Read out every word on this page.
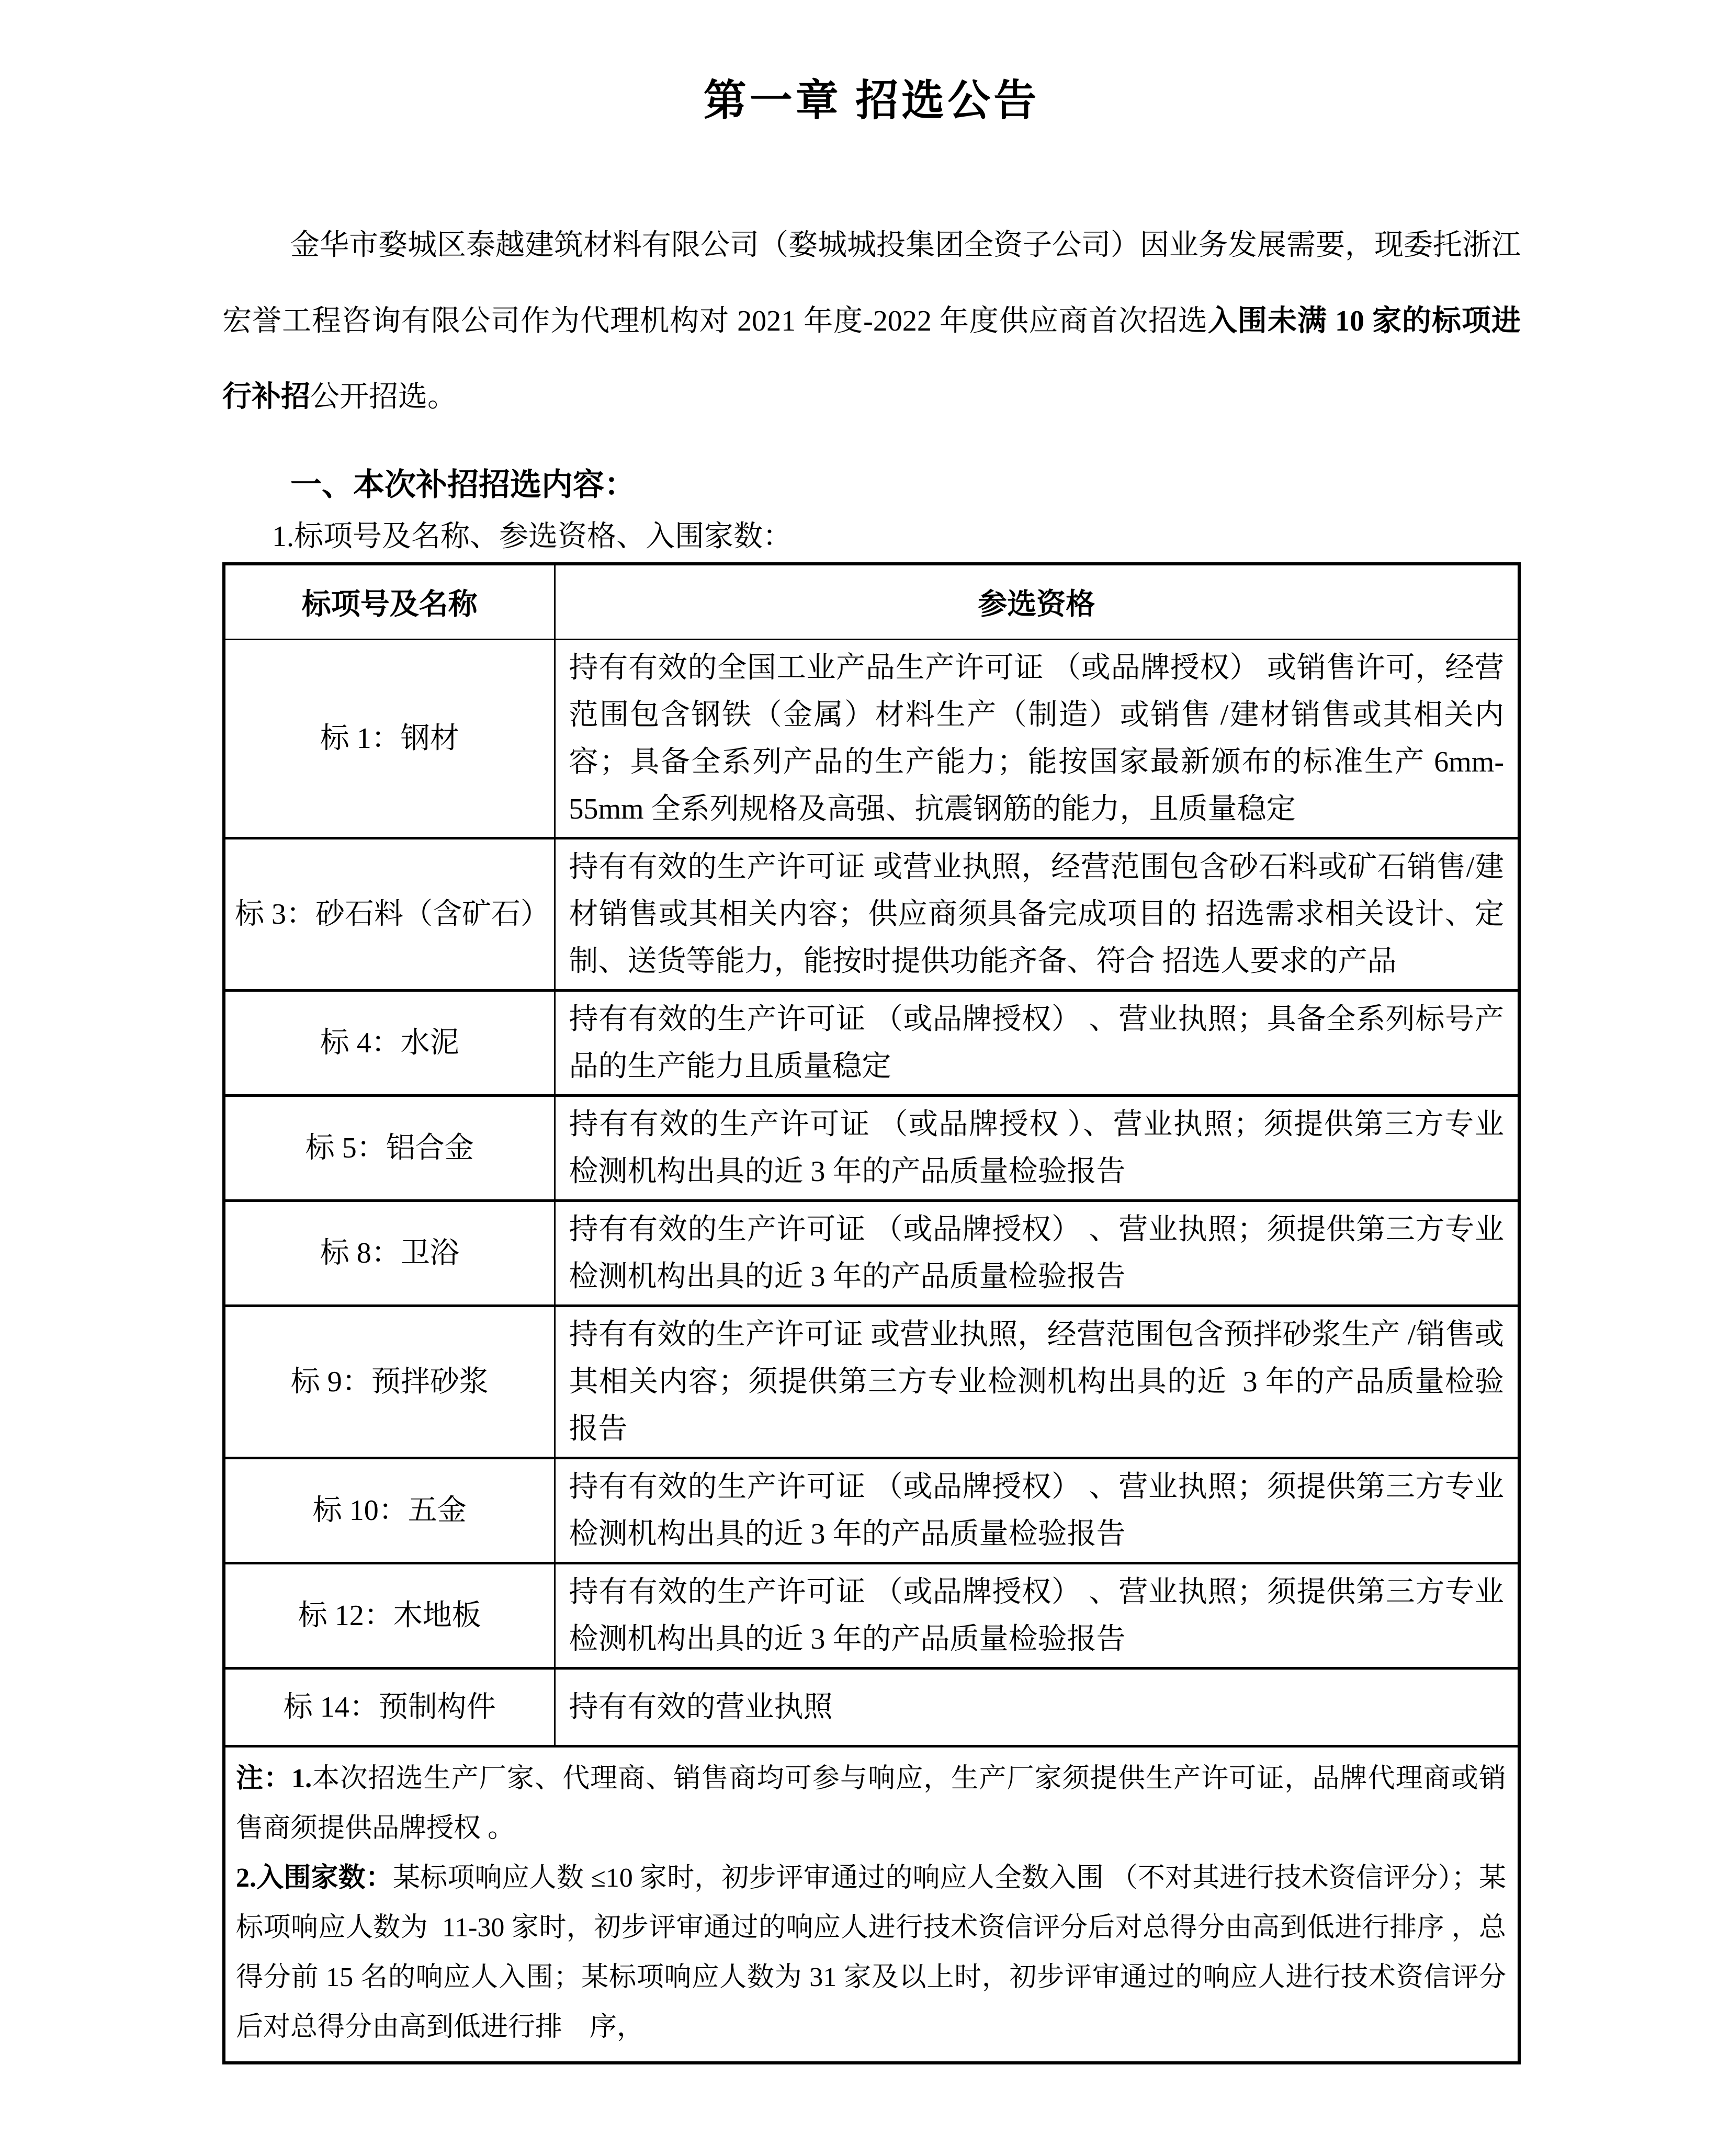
第一章 招选公告

金华市婺城区泰越建筑材料有限公司（婺城城投集团全资子公司）因业务发展需要，现委托浙江宏誉工程咨询有限公司作为代理机构对 2021 年度-2022 年度供应商首次招选入围未满 10 家的标项进行补招公开招选。

一、本次补招招选内容：

1.标项号及名称、参选资格、入围家数：

标项号及名称	参选资格
标 1：钢材	持有有效的全国工业产品生产许可证 （或品牌授权） 或销售许可，经营范围包含钢铁（金属）材料生产（制造）或销售 /建材销售或其相关内容；具备全系列产品的生产能力；能按国家最新颁布的标准生产 6mm-55mm 全系列规格及高强、抗震钢筋的能力，且质量稳定
标 3：砂石料（含矿石）	持有有效的生产许可证 或营业执照，经营范围包含砂石料或矿石销售/建材销售或其相关内容；供应商须具备完成项目的 招选需求相关设计、定制、送货等能力，能按时提供功能齐备、符合 招选人要求的产品
标 4：水泥	持有有效的生产许可证 （或品牌授权） 、营业执照；具备全系列标号产品的生产能力且质量稳定
标 5：铝合金	持有有效的生产许可证 （或品牌授权 ）、营业执照；须提供第三方专业检测机构出具的近 3 年的产品质量检验报告
标 8：卫浴	持有有效的生产许可证 （或品牌授权） 、营业执照；须提供第三方专业检测机构出具的近 3 年的产品质量检验报告
标 9：预拌砂浆	持有有效的生产许可证 或营业执照，经营范围包含预拌砂浆生产 /销售或其相关内容；须提供第三方专业检测机构出具的近  3 年的产品质量检验报告
标 10：五金	持有有效的生产许可证 （或品牌授权） 、营业执照；须提供第三方专业检测机构出具的近 3 年的产品质量检验报告
标 12：木地板	持有有效的生产许可证 （或品牌授权） 、营业执照；须提供第三方专业检测机构出具的近 3 年的产品质量检验报告
标 14：预制构件	持有有效的营业执照

注：1.本次招选生产厂家、代理商、销售商均可参与响应，生产厂家须提供生产许可证，品牌代理商或销售商须提供品牌授权 。

2.入围家数：某标项响应人数 ≤10 家时，初步评审通过的响应人全数入围 （不对其进行技术资信评分）；某标项响应人数为  11-30 家时，初步评审通过的响应人进行技术资信评分后对总得分由高到低进行排序 ，总得分前 15 名的响应人入围；某标项响应人数为 31 家及以上时，初步评审通过的响应人进行技术资信评分后对总得分由高到低进行排    序，	
